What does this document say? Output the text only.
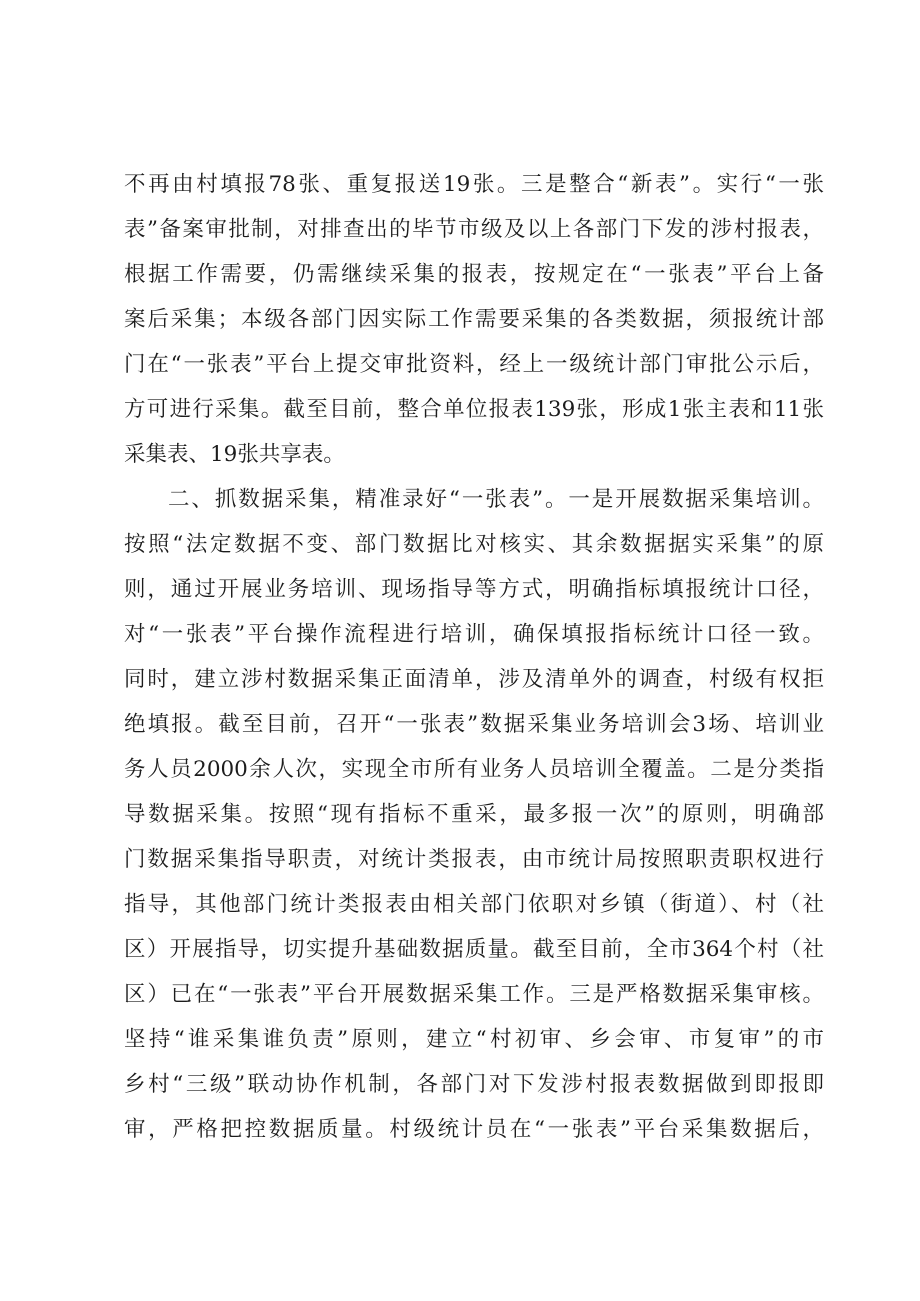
不再由村填报78张、重复报送19张。三是整合“新表”。实行“一张
表”备案审批制，对排查出的毕节市级及以上各部门下发的涉村报表，
根据工作需要，仍需继续采集的报表，按规定在“一张表”平台上备
案后采集；本级各部门因实际工作需要采集的各类数据，须报统计部
门在“一张表”平台上提交审批资料，经上一级统计部门审批公示后，
方可进行采集。截至目前，整合单位报表139张，形成1张主表和11张
采集表、19张共享表。
二、抓数据采集，精准录好“一张表”。一是开展数据采集培训。
按照“法定数据不变、部门数据比对核实、其余数据据实采集”的原
则，通过开展业务培训、现场指导等方式，明确指标填报统计口径，
对“一张表”平台操作流程进行培训，确保填报指标统计口径一致。
同时，建立涉村数据采集正面清单，涉及清单外的调查，村级有权拒
绝填报。截至目前，召开“一张表”数据采集业务培训会3场、培训业
务人员2000余人次，实现全市所有业务人员培训全覆盖。二是分类指
导数据采集。按照“现有指标不重采，最多报一次”的原则，明确部
门数据采集指导职责，对统计类报表，由市统计局按照职责职权进行
指导，其他部门统计类报表由相关部门依职对乡镇（街道）、村（社
区）开展指导，切实提升基础数据质量。截至目前，全市364个村（社
区）已在“一张表”平台开展数据采集工作。三是严格数据采集审核。
坚持“谁采集谁负责”原则，建立“村初审、乡会审、市复审”的市
乡村“三级”联动协作机制，各部门对下发涉村报表数据做到即报即
审，严格把控数据质量。村级统计员在“一张表”平台采集数据后，
